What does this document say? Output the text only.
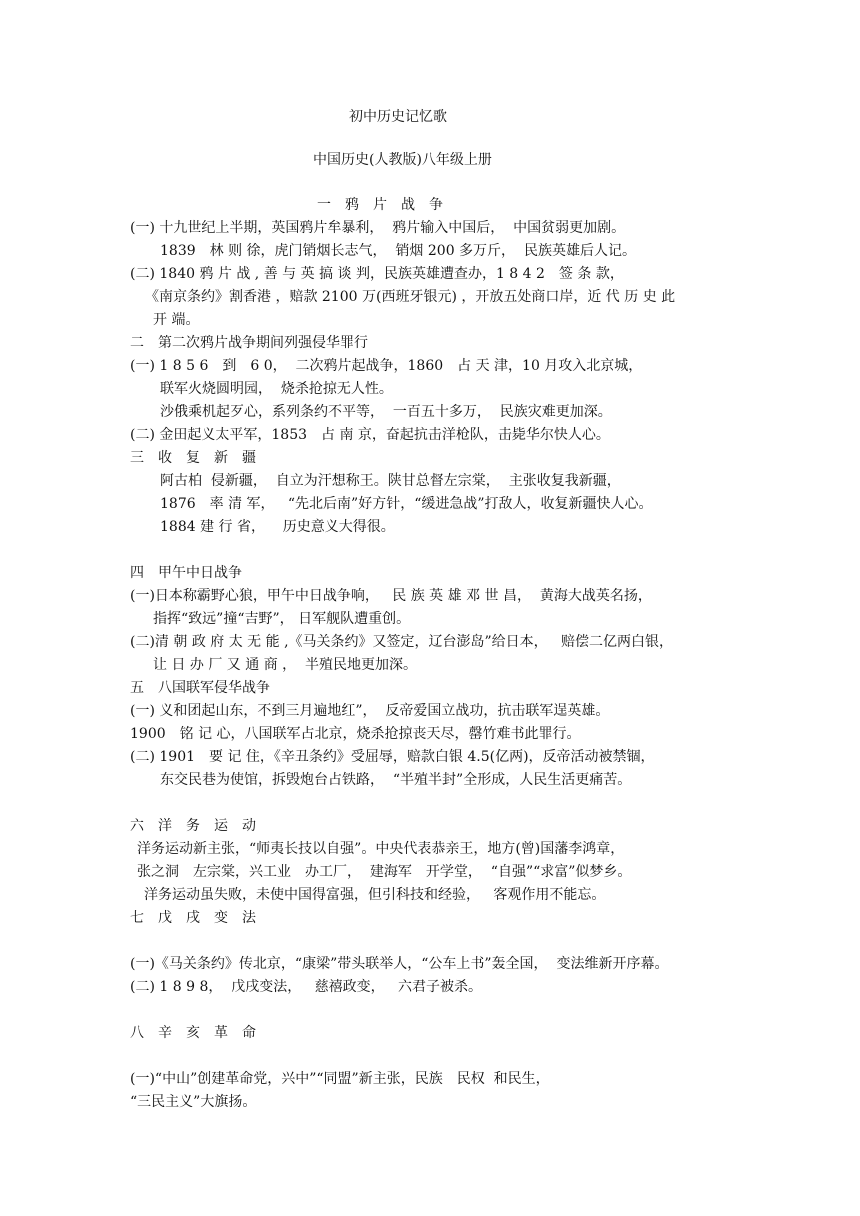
初中历史记忆歌
中国历史(人教版)八年级上册
一　鸦　片　战　争
(一) 十九世纪上半期，英国鸦片牟暴利，  鸦片输入中国后，  中国贫弱更加剧。
1839　林 则 徐，虎门销烟长志气，  销烟 200 多万斤，  民族英雄后人记。
(二) 1840 鸦 片 战 , 善 与 英 搞 谈 判，民族英雄遭查办，1 8 4 2　签 条 款，
《南京条约》割香港 ，赔款 2100 万(西班牙银元) ，开放五处商口岸，近 代 历 史 此
开 端。
二　第二次鸦片战争期间列强侵华罪行
(一) 1 8 5 6　到　6 0，  二次鸦片起战争，1860　占 天 津，10 月攻入北京城，
联军火烧圆明园，  烧杀抢掠无人性。
沙俄乘机起歹心，系列条约不平等，  一百五十多万，  民族灾难更加深。
(二) 金田起义太平军，1853　占 南 京，奋起抗击洋枪队，击毙华尔快人心。
三　收　复　新　疆
阿古柏  侵新疆，  自立为汗想称王。陕甘总督左宗棠，  主张收复我新疆，
1876　率 清 军，   “先北后南”好方针，“缓进急战”打敌人，收复新疆快人心。
1884 建 行 省，    历史意义大得很。
四　甲午中日战争
(一)日本称霸野心狼，甲午中日战争响，   民 族 英 雄 邓 世 昌，  黄海大战英名扬，
指挥“致远”撞“吉野”， 日军舰队遭重创。
(二)清 朝 政 府 太 无 能 ,《马关条约》又签定，辽台澎岛”给日本，   赔偿二亿两白银，
让 日 办 厂 又 通 商 ，  半殖民地更加深。
五　八国联军侵华战争
(一) 义和团起山东，不到三月遍地红”，  反帝爱国立战功，抗击联军逞英雄。
1900　铭 记 心，八国联军占北京，烧杀抢掠丧天尽，罄竹难书此罪行。
(二) 1901　要 记 住，《辛丑条约》受屈辱，赔款白银 4.5(亿两)，反帝活动被禁锢，
东交民巷为使馆，拆毁炮台占铁路，  “半殖半封”全形成，人民生活更痛苦。
六　洋　务　运　动
洋务运动新主张，“师夷长技以自强”。中央代表恭亲王，地方(曾)国藩李鸿章，
张之洞　左宗棠，兴工业　办工厂，  建海军　开学堂，  “自强”“求富”似梦乡。
洋务运动虽失败，未使中国得富强，但引科技和经验，   客观作用不能忘。
七　戊　戌　变　法
(一)《马关条约》传北京，“康梁”带头联举人，“公车上书”轰全国，  变法维新开序幕。
(二) 1 8 9 8，  戊戌变法，   慈禧政变，   六君子被杀。
八　辛　亥　革　命
(一)“中山”创建革命党，兴中”“同盟”新主张，民族　民权  和民生，
“三民主义”大旗扬。
